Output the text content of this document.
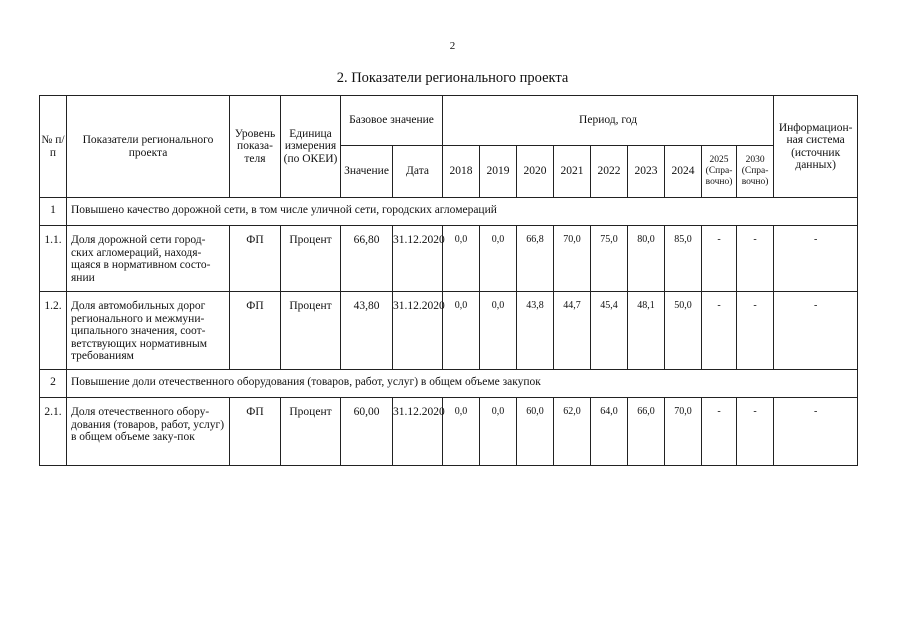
2
2. Показатели регионального проекта
№ п/п	Показатели регионального проекта	Уровень показа-теля	Единица измерения (по ОКЕИ)	Базовое значение		Период, год									Информацион-ная система (источник данных)
				Значение	Дата	2018	2019	2020	2021	2022	2023	2024	2025 (Спра-вочно)	2030 (Спра-вочно)	
1	Повышено качество дорожной сети, в том числе уличной сети, городских агломераций														
1.1.	Доля дорожной сети город-ских агломераций, находя-щаяся в нормативном состо-янии	ФП	Процент	66,80	31.12.2020	0,0	0,0	66,8	70,0	75,0	80,0	85,0	-	-	-
1.2.	Доля автомобильных дорог регионального и межмуни-ципального значения, соот-ветствующих нормативным требованиям	ФП	Процент	43,80	31.12.2020	0,0	0,0	43,8	44,7	45,4	48,1	50,0	-	-	-
2	Повышение доли отечественного оборудования (товаров, работ, услуг) в общем объеме закупок														
2.1.	Доля отечественного обору-дования (товаров, работ, услуг) в общем объеме заку-пок	ФП	Процент	60,00	31.12.2020	0,0	0,0	60,0	62,0	64,0	66,0	70,0	-	-	-
